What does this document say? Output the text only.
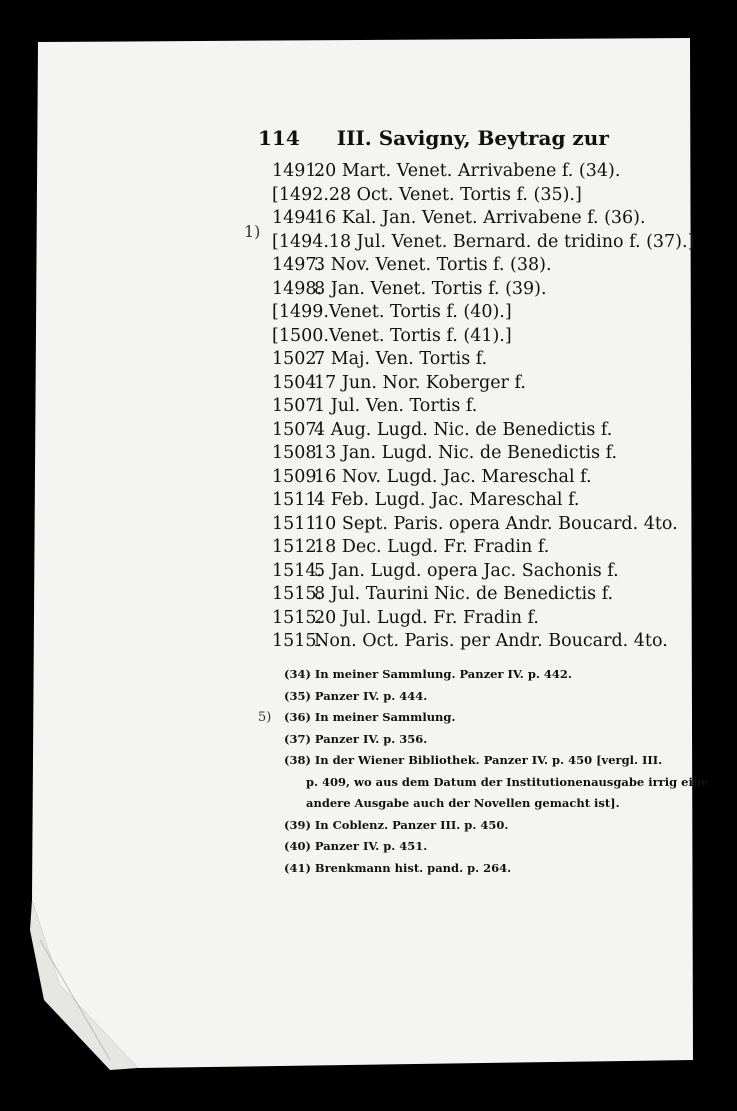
114 III. Savigny, Beytrag zur
1491.20 Mart. Venet. Arrivabene f. (34).
[1492.28 Oct. Venet. Tortis f. (35).]
1494.16 Kal. Jan. Venet. Arrivabene f. (36).
[1494.18 Jul. Venet. Bernard. de tridino f. (37).]
1497.3 Nov. Venet. Tortis f. (38).
1498.8 Jan. Venet. Tortis f. (39).
[1499.Venet. Tortis f. (40).]
[1500.Venet. Tortis f. (41).]
1502.7 Maj. Ven. Tortis f.
1504.17 Jun. Nor. Koberger f.
1507.1 Jul. Ven. Tortis f.
1507.4 Aug. Lugd. Nic. de Benedictis f.
1508.13 Jan. Lugd. Nic. de Benedictis f.
1509.16 Nov. Lugd. Jac. Mareschal f.
1511.4 Feb. Lugd. Jac. Mareschal f.
1511.10 Sept. Paris. opera Andr. Boucard. 4to.
1512.18 Dec. Lugd. Fr. Fradin f.
1514.5 Jan. Lugd. opera Jac. Sachonis f.
1515.8 Jul. Taurini Nic. de Benedictis f.
1515.20 Jul. Lugd. Fr. Fradin f.
1515.Non. Oct. Paris. per Andr. Boucard. 4to.
(34) In meiner Sammlung. Panzer IV. p. 442.
(35) Panzer IV. p. 444.
(36) In meiner Sammlung.
(37) Panzer IV. p. 356.
(38) In der Wiener Bibliothek. Panzer IV. p. 450 [vergl. III.
p. 409, wo aus dem Datum der Institutionenausgabe irrig eine
andere Ausgabe auch der Novellen gemacht ist].
(39) In Coblenz. Panzer III. p. 450.
(40) Panzer IV. p. 451.
(41) Brenkmann hist. pand. p. 264.
1)
5)
